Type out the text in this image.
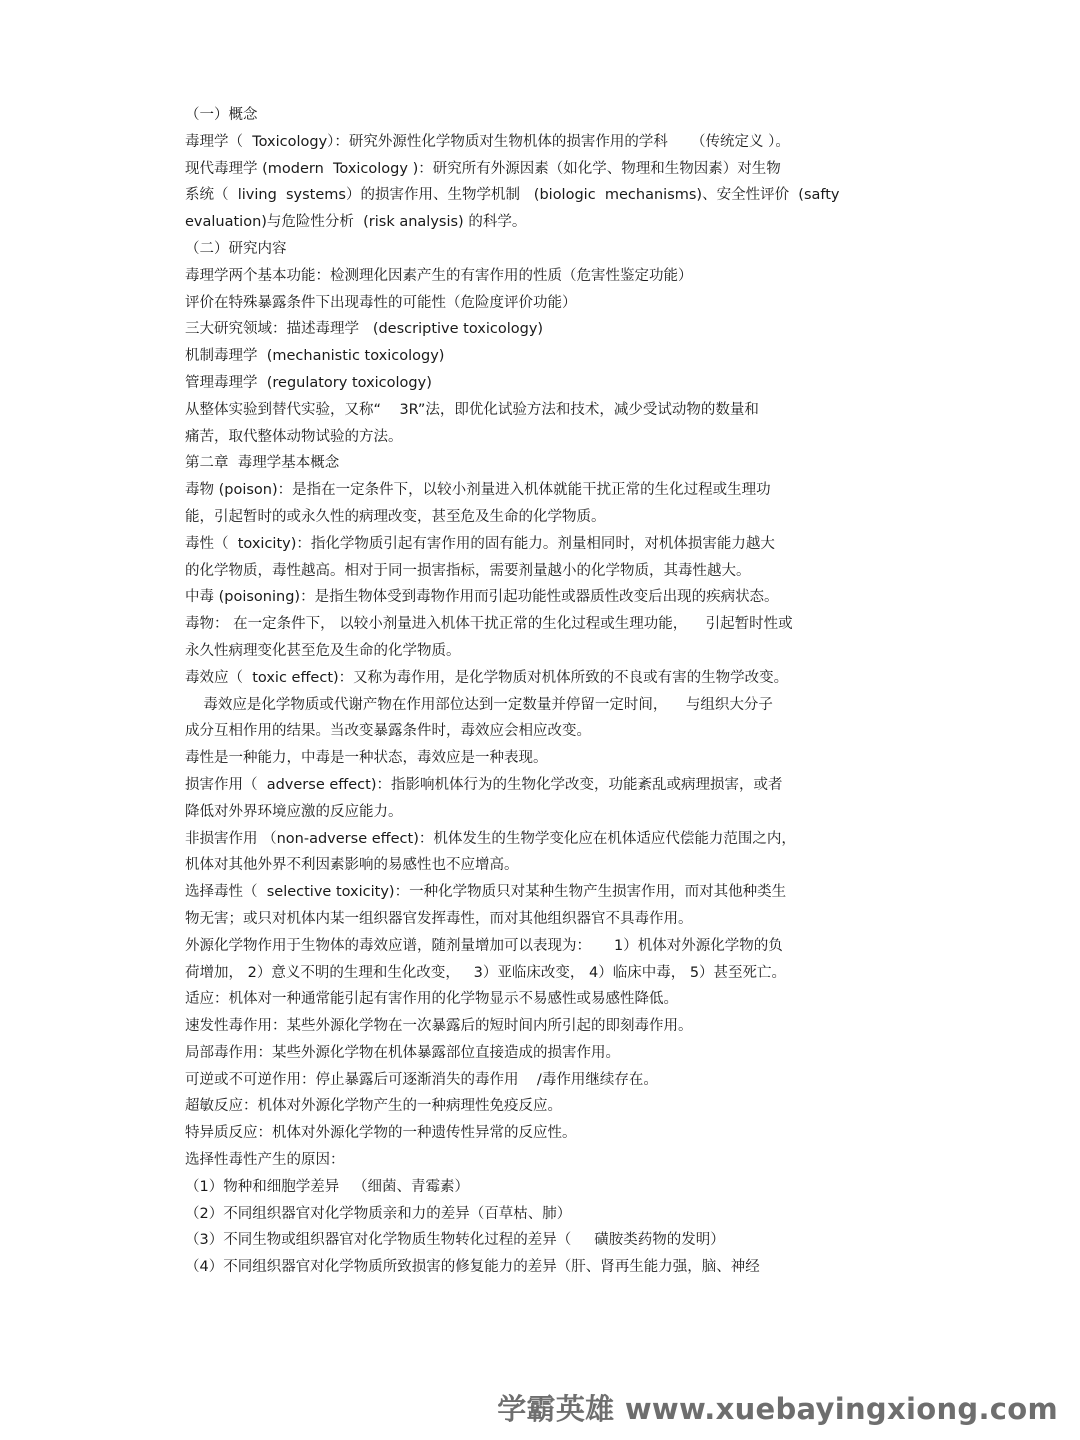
（一）概念
毒理学（  Toxicology）：研究外源性化学物质对生物机体的损害作用的学科     （传统定义 ）。
现代毒理学 (modern  Toxicology )：研究所有外源因素（如化学、物理和生物因素）对生物
系统（  living  systems）的损害作用、生物学机制   (biologic  mechanisms)、安全性评价  (safty
evaluation)与危险性分析  (risk analysis) 的科学。
（二）研究内容
毒理学两个基本功能：检测理化因素产生的有害作用的性质（危害性鉴定功能）
评价在特殊暴露条件下出现毒性的可能性（危险度评价功能）
三大研究领域：描述毒理学   (descriptive toxicology)
机制毒理学  (mechanistic toxicology)
管理毒理学  (regulatory toxicology)
从整体实验到替代实验，又称“    3R”法，即优化试验方法和技术，减少受试动物的数量和
痛苦，取代整体动物试验的方法。
第二章  毒理学基本概念
毒物 (poison)：是指在一定条件下，以较小剂量进入机体就能干扰正常的生化过程或生理功
能，引起暂时的或永久性的病理改变，甚至危及生命的化学物质。
毒性（  toxicity)：指化学物质引起有害作用的固有能力。剂量相同时，对机体损害能力越大
的化学物质，毒性越高。相对于同一损害指标，需要剂量越小的化学物质，其毒性越大。
中毒 (poisoning)：是指生物体受到毒物作用而引起功能性或器质性改变后出现的疾病状态。
毒物： 在一定条件下， 以较小剂量进入机体干扰正常的生化过程或生理功能，    引起暂时性或
永久性病理变化甚至危及生命的化学物质。
毒效应（  toxic effect)：又称为毒作用，是化学物质对机体所致的不良或有害的生物学改变。
毒效应是化学物质或代谢产物在作用部位达到一定数量并停留一定时间，    与组织大分子
成分互相作用的结果。当改变暴露条件时，毒效应会相应改变。
毒性是一种能力，中毒是一种状态，毒效应是一种表现。
损害作用（  adverse effect)：指影响机体行为的生物化学改变，功能紊乱或病理损害，或者
降低对外界环境应激的反应能力。
非损害作用 （non-adverse effect)：机体发生的生物学变化应在机体适应代偿能力范围之内，
机体对其他外界不利因素影响的易感性也不应增高。
选择毒性（  selective toxicity)：一种化学物质只对某种生物产生损害作用，而对其他种类生
物无害；或只对机体内某一组织器官发挥毒性，而对其他组织器官不具毒作用。
外源化学物作用于生物体的毒效应谱，随剂量增加可以表现为：     1）机体对外源化学物的负
荷增加， 2）意义不明的生理和生化改变，   3）亚临床改变， 4）临床中毒， 5）甚至死亡。
适应：机体对一种通常能引起有害作用的化学物显示不易感性或易感性降低。
速发性毒作用：某些外源化学物在一次暴露后的短时间内所引起的即刻毒作用。
局部毒作用：某些外源化学物在机体暴露部位直接造成的损害作用。
可逆或不可逆作用：停止暴露后可逐渐消失的毒作用    /毒作用继续存在。
超敏反应：机体对外源化学物产生的一种病理性免疫反应。
特异质反应：机体对外源化学物的一种遗传性异常的反应性。
选择性毒性产生的原因：
（1）物种和细胞学差异   （细菌、青霉素）
（2）不同组织器官对化学物质亲和力的差异（百草枯、肺）
（3）不同生物或组织器官对化学物质生物转化过程的差异（     磺胺类药物的发明）
（4）不同组织器官对化学物质所致损害的修复能力的差异（肝、肾再生能力强，脑、神经
学霸英雄 www.xuebayingxiong.com
